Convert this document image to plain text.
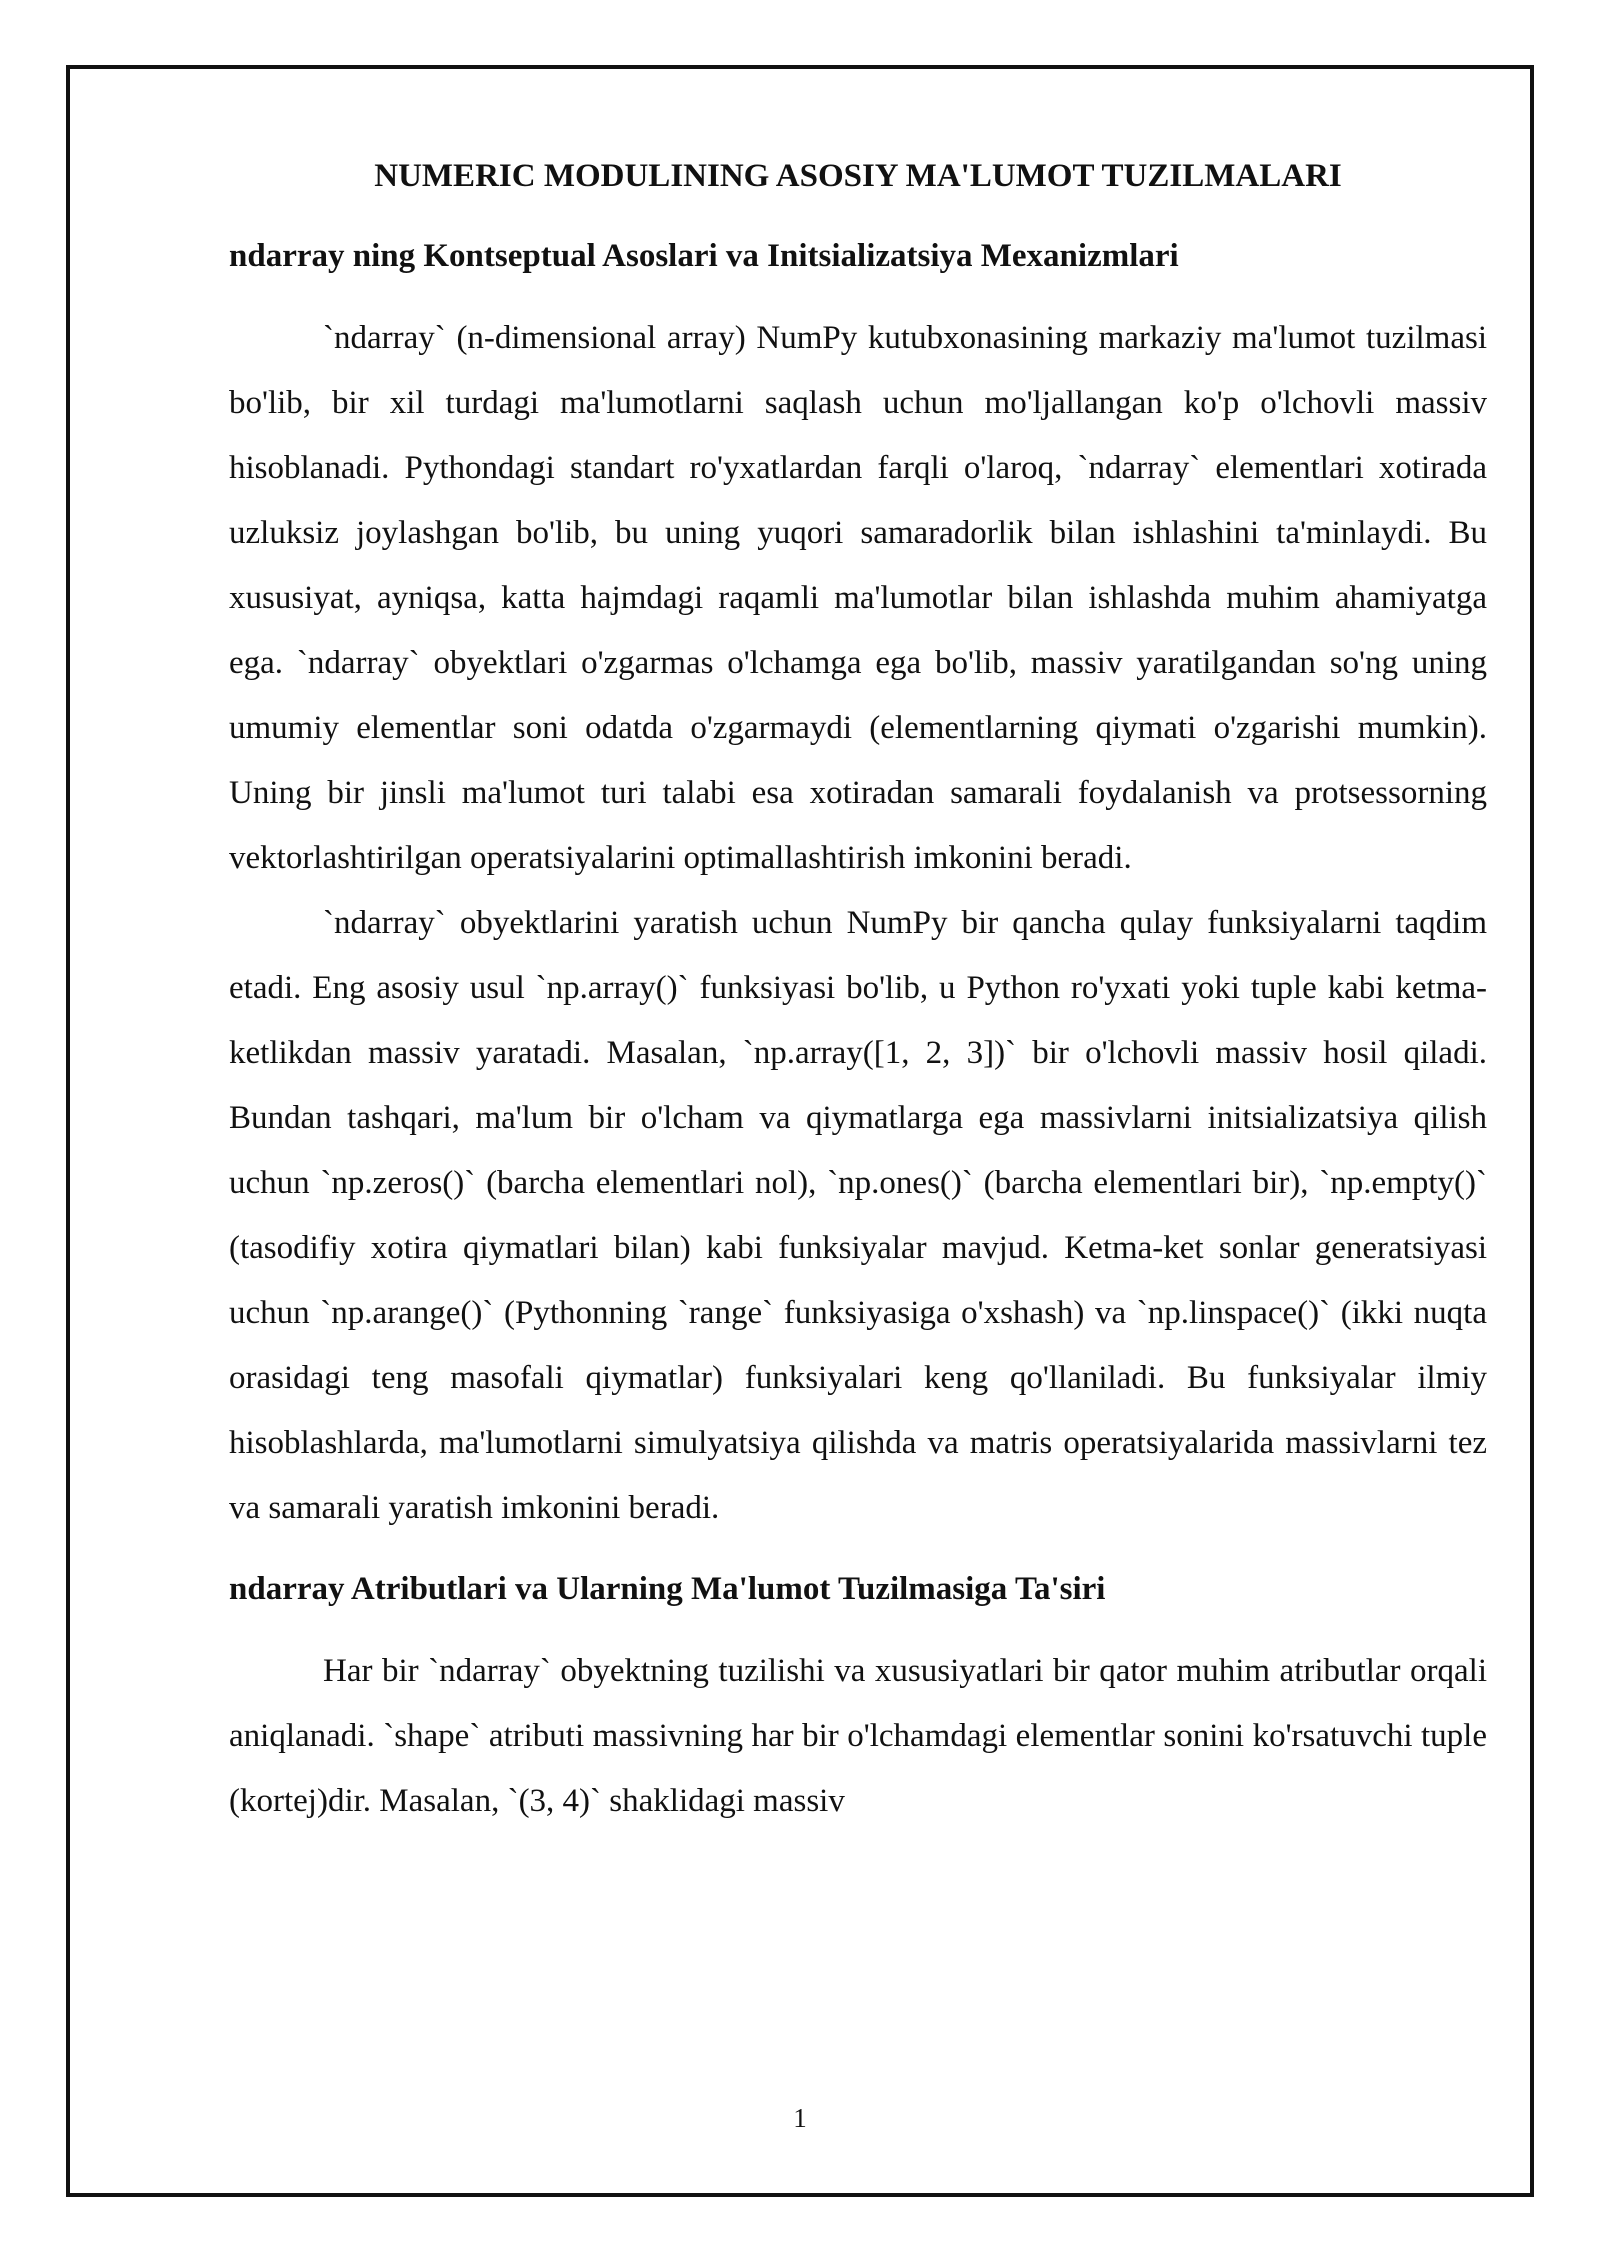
NUMERIC MODULINING ASOSIY MA'LUMOT TUZILMALARI
ndarray ning Kontseptual Asoslari va Initsializatsiya Mexanizmlari

`ndarray` (n-dimensional array) NumPy kutubxonasining markaziy ma'lumot tuzilmasi bo'lib, bir xil turdagi ma'lumotlarni saqlash uchun mo'ljallangan ko'p o'lchovli massiv hisoblanadi. Pythondagi standart ro'yxatlardan farqli o'laroq, `ndarray` elementlari xotirada uzluksiz joylashgan bo'lib, bu uning yuqori samaradorlik bilan ishlashini ta'minlaydi. Bu xususiyat, ayniqsa, katta hajmdagi raqamli ma'lumotlar bilan ishlashda muhim ahamiyatga ega. `ndarray` obyektlari o'zgarmas o'lchamga ega bo'lib, massiv yaratilgandan so'ng uning umumiy elementlar soni odatda o'zgarmaydi (elementlarning qiymati o'zgarishi mumkin). Uning bir jinsli ma'lumot turi talabi esa xotiradan samarali foydalanish va protsessorning vektorlashtirilgan operatsiyalarini optimallashtirish imkonini beradi.

`ndarray` obyektlarini yaratish uchun NumPy bir qancha qulay funksiyalarni taqdim etadi. Eng asosiy usul `np.array()` funksiyasi bo'lib, u Python ro'yxati yoki tuple kabi ketma-ketlikdan massiv yaratadi. Masalan, `np.array([1, 2, 3])` bir o'lchovli massiv hosil qiladi. Bundan tashqari, ma'lum bir o'lcham va qiymatlarga ega massivlarni initsializatsiya qilish uchun `np.zeros()` (barcha elementlari nol), `np.ones()` (barcha elementlari bir), `np.empty()` (tasodifiy xotira qiymatlari bilan) kabi funksiyalar mavjud. Ketma-ket sonlar generatsiyasi uchun `np.arange()` (Pythonning `range` funksiyasiga o'xshash) va `np.linspace()` (ikki nuqta orasidagi teng masofali qiymatlar) funksiyalari keng qo'llaniladi. Bu funksiyalar ilmiy hisoblashlarda, ma'lumotlarni simulyatsiya qilishda va matris operatsiyalarida massivlarni tez va samarali yaratish imkonini beradi.

ndarray Atributlari va Ularning Ma'lumot Tuzilmasiga Ta'siri

Har bir `ndarray` obyektning tuzilishi va xususiyatlari bir qator muhim atributlar orqali aniqlanadi. `shape` atributi massivning har bir o'lchamdagi elementlar sonini ko'rsatuvchi tuple (kortej)dir. Masalan, `(3, 4)` shaklidagi massiv

1
